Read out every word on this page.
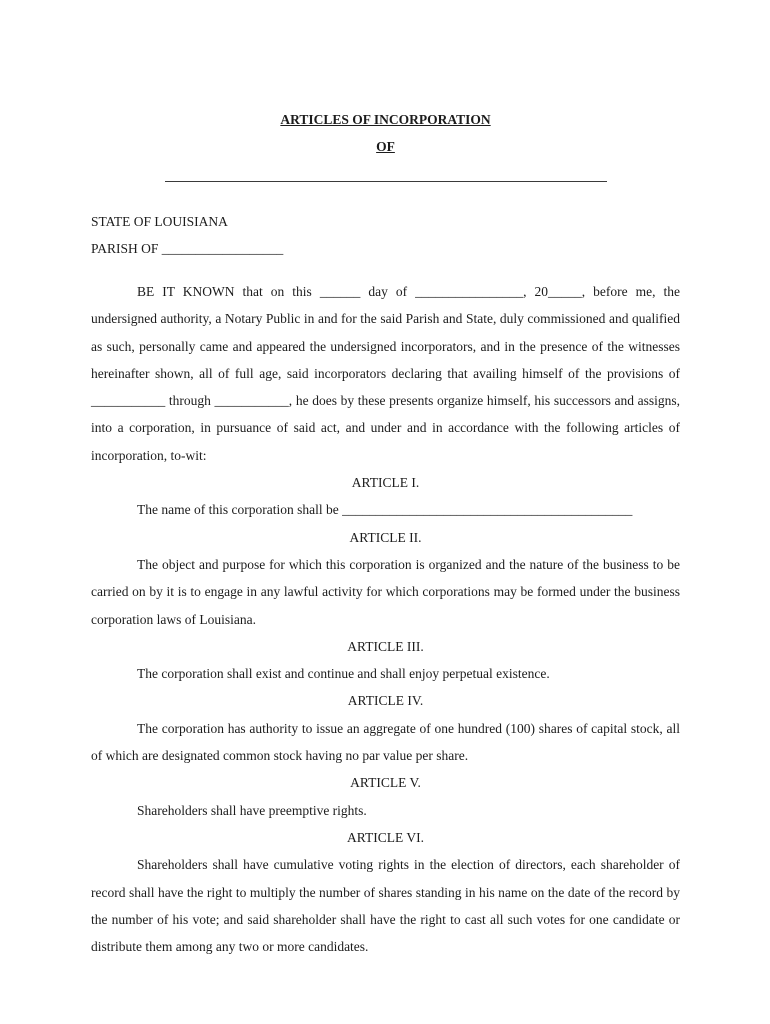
ARTICLES OF INCORPORATION
OF
STATE OF LOUISIANA
PARISH OF __________________

BE IT KNOWN that on this ______ day of ________________, 20_____, before me, the undersigned authority, a Notary Public in and for the said Parish and State, duly commissioned and qualified as such, personally came and appeared the undersigned incorporators, and in the presence of the witnesses hereinafter shown, all of full age, said incorporators declaring that availing himself of the provisions of ___________ through ___________, he does by these presents organize himself, his successors and assigns, into a corporation, in pursuance of said act, and under and in accordance with the following articles of incorporation, to-wit:

ARTICLE I.

The name of this corporation shall be ___________________________________________

ARTICLE II.

The object and purpose for which this corporation is organized and the nature of the business to be carried on by it is to engage in any lawful activity for which corporations may be formed under the business corporation laws of Louisiana.

ARTICLE III.

The corporation shall exist and continue and shall enjoy perpetual existence.

ARTICLE IV.

The corporation has authority to issue an aggregate of one hundred (100) shares of capital stock, all of which are designated common stock having no par value per share.

ARTICLE V.

Shareholders shall have preemptive rights.

ARTICLE VI.

Shareholders shall have cumulative voting rights in the election of directors, each shareholder of record shall have the right to multiply the number of shares standing in his name on the date of the record by the number of his vote; and said shareholder shall have the right to cast all such votes for one candidate or distribute them among any two or more candidates.
